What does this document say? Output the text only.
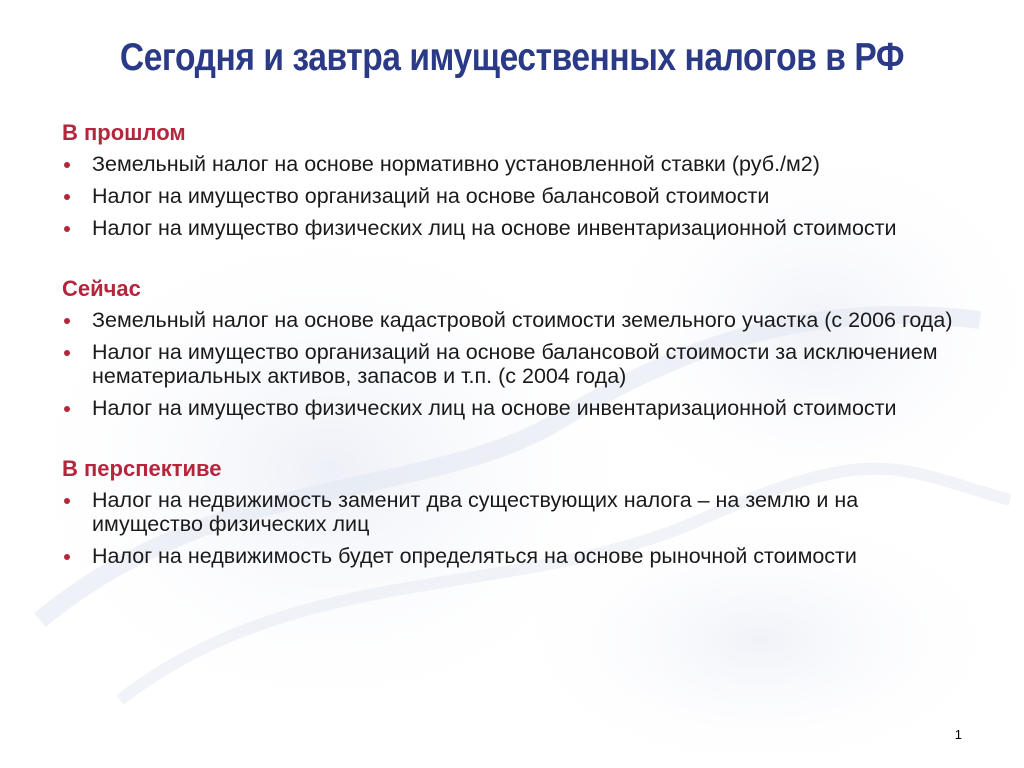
Сегодня и завтра имущественных налогов в РФ
В прошлом
Земельный налог на основе нормативно установленной ставки (руб./м2)
Налог на имущество организаций на основе балансовой стоимости
Налог на имущество физических лиц на основе инвентаризационной стоимости
Сейчас
Земельный налог на основе кадастровой стоимости земельного участка (с 2006 года)
Налог на имущество организаций на основе балансовой стоимости за исключением нематериальных активов, запасов и т.п. (с 2004 года)
Налог на имущество физических лиц на основе инвентаризационной стоимости
В перспективе
Налог на недвижимость заменит два существующих налога – на землю и на имущество физических лиц
Налог на недвижимость будет определяться на основе рыночной стоимости
1
